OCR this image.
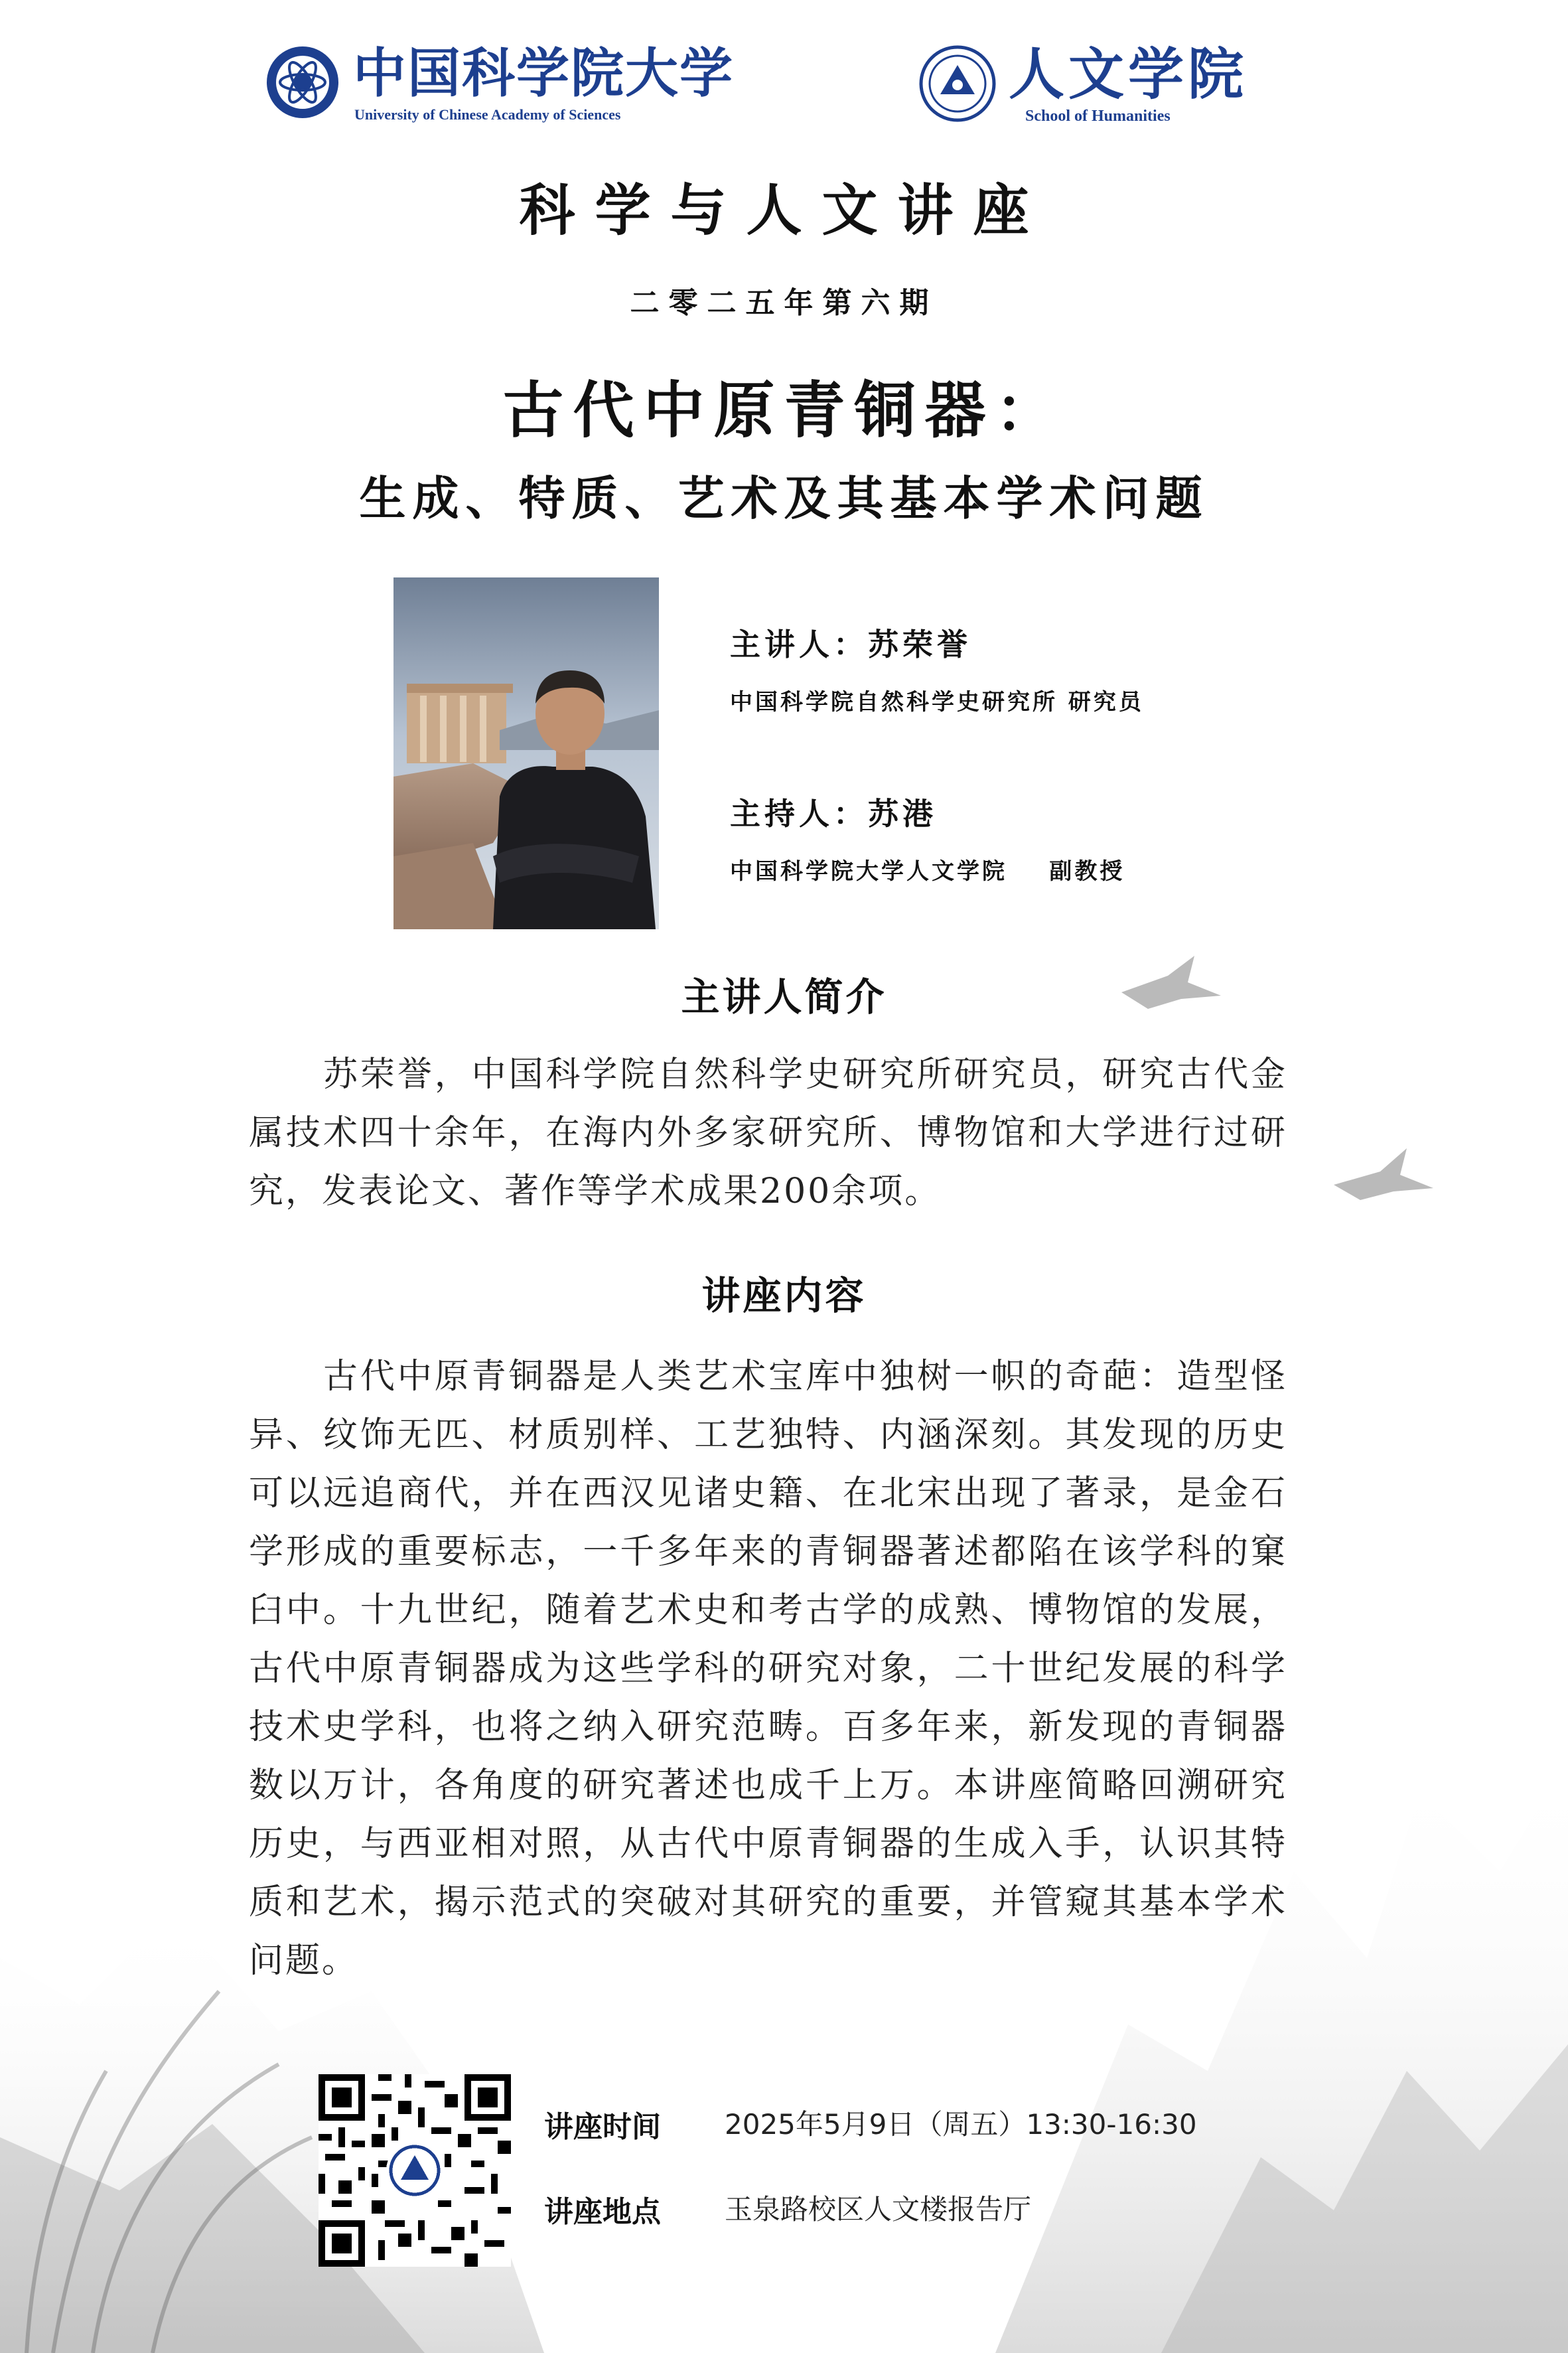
中国科学院大学
University of Chinese Academy of Sciences
人文学院
School of Humanities
科学与人文讲座
二零二五年第六期
古代中原青铜器：
生成、特质、艺术及其基本学术问题
主讲人：苏荣誉
中国科学院自然科学史研究所 研究员
主持人：苏港
中国科学院大学人文学院 副教授
主讲人简介
苏荣誉，中国科学院自然科学史研究所研究员，研究古代金属技术四十余年，在海内外多家研究所、博物馆和大学进行过研究，发表论文、著作等学术成果200余项。
讲座内容
古代中原青铜器是人类艺术宝库中独树一帜的奇葩：造型怪异、纹饰无匹、材质别样、工艺独特、内涵深刻。其发现的历史可以远追商代，并在西汉见诸史籍、在北宋出现了著录，是金石学形成的重要标志，一千多年来的青铜器著述都陷在该学科的窠臼中。十九世纪，随着艺术史和考古学的成熟、博物馆的发展，古代中原青铜器成为这些学科的研究对象，二十世纪发展的科学技术史学科，也将之纳入研究范畴。百多年来，新发现的青铜器数以万计，各角度的研究著述也成千上万。本讲座简略回溯研究历史，与西亚相对照，从古代中原青铜器的生成入手，认识其特质和艺术，揭示范式的突破对其研究的重要，并管窥其基本学术问题。
讲座时间 2025年5月9日（周五）13:30-16:30
讲座地点 玉泉路校区人文楼报告厅
